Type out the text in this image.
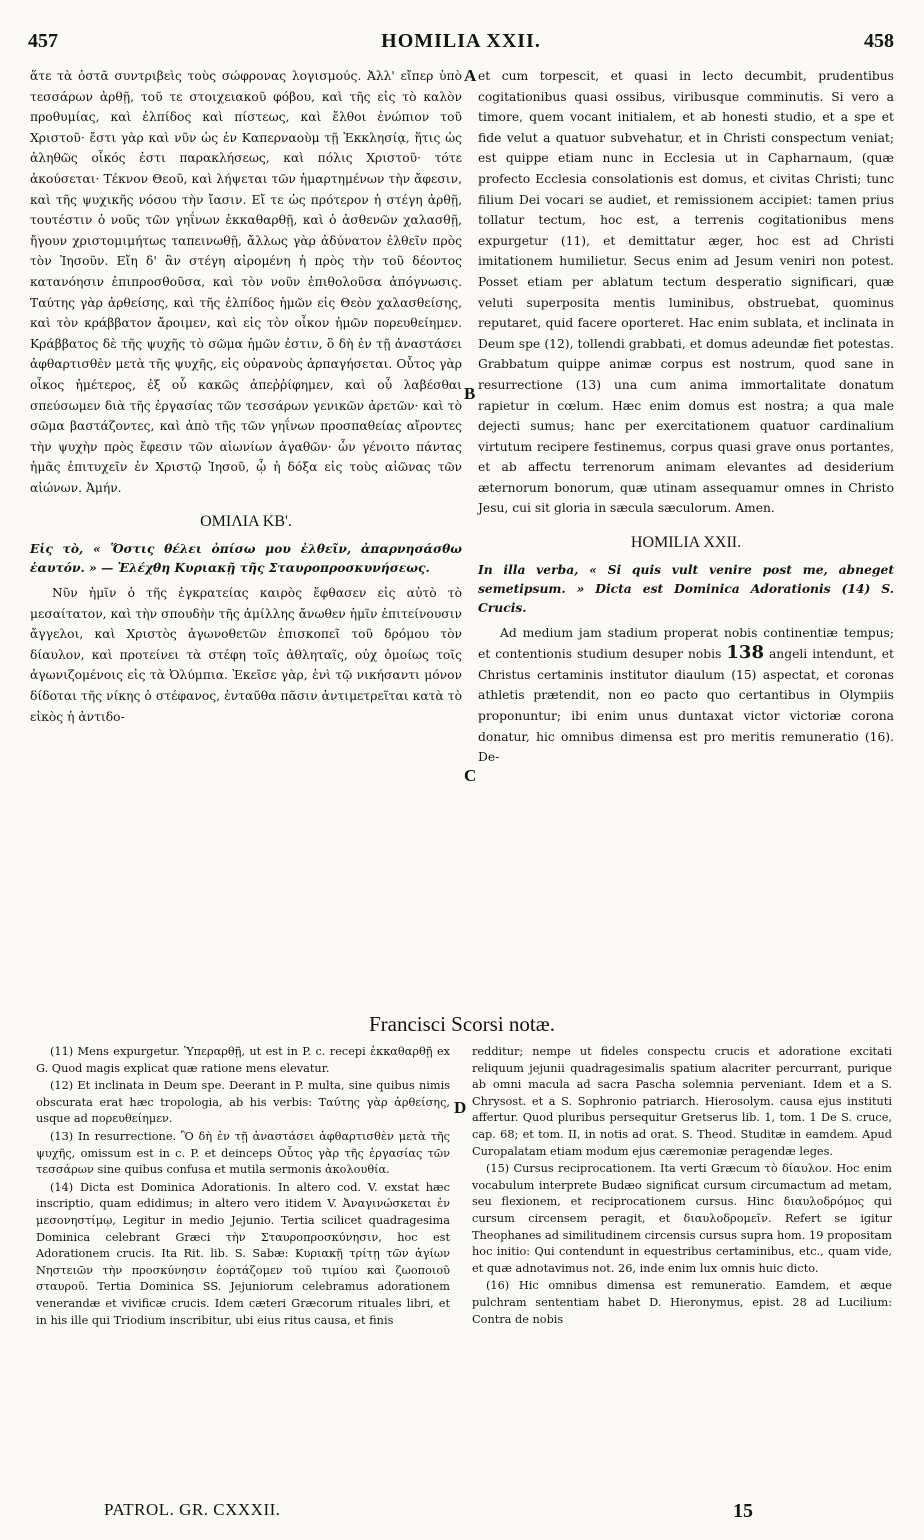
457	HOMILIA XXII.	458

ἅτε τὰ ὀστᾶ συντριβεὶς τοὺς σώφρονας λογισμούς. Ἀλλ' εἴπερ ὑπὸ τεσσάρων ἀρθῇ, τοῦ τε στοιχειακοῦ φόβου, καὶ τῆς εἰς τὸ καλὸν προθυμίας, καὶ ἐλπίδος καὶ πίστεως, καὶ ἔλθοι ἐνώπιον τοῦ Χριστοῦ· ἔστι γὰρ καὶ νῦν ὡς ἐν Καπερναοὺμ τῇ Ἐκκλησίᾳ, ἥτις ὡς ἀληθῶς οἶκός ἐστι παρακλήσεως, καὶ πόλις Χριστοῦ· τότε ἀκούσεται· Τέκνον Θεοῦ, καὶ λήψεται τῶν ἡμαρτημένων τὴν ἄφεσιν, καὶ τῆς ψυχικῆς νόσου τὴν ἴασιν. Εἴ τε ὡς πρότερον ἡ στέγη ἀρθῇ, τουτέστιν ὁ νοῦς τῶν γηΐνων ἐκκαθαρθῇ, καὶ ὁ ἀσθενῶν χαλασθῇ, ἤγουν χριστομιμήτως ταπεινωθῇ, ἄλλως γὰρ ἀδύνατον ἐλθεῖν πρὸς τὸν Ἰησοῦν. Εἴη δ' ἂν στέγη αἰρομένη ἡ πρὸς τὴν τοῦ δέοντος κατανόησιν ἐπιπροσθοῦσα, καὶ τὸν νοῦν ἐπιθολοῦσα ἀπόγνωσις. Ταύτης γὰρ ἀρθείσης, καὶ τῆς ἐλπίδος ἡμῶν εἰς Θεὸν χαλασθείσης, καὶ τὸν κράββατον ἄροιμεν, καὶ εἰς τὸν οἶκον ἡμῶν πορευθείημεν. Κράββατος δὲ τῆς ψυχῆς τὸ σῶμα ἡμῶν ἐστιν, ὃ δὴ ἐν τῇ ἀναστάσει ἀφθαρτισθὲν μετὰ τῆς ψυχῆς, εἰς οὐρανοὺς ἁρπαγήσεται. Οὗτος γὰρ οἶκος ἡμέτερος, ἐξ οὗ κακῶς ἀπεῤῥίφημεν, καὶ οὗ λαβέσθαι σπεύσωμεν διὰ τῆς ἐργασίας τῶν τεσσάρων γενικῶν ἀρετῶν· καὶ τὸ σῶμα βαστάζοντες, καὶ ἀπὸ τῆς τῶν γηΐνων προσπαθείας αἴροντες τὴν ψυχὴν πρὸς ἔφεσιν τῶν αἰωνίων ἀγαθῶν· ὧν γένοιτο πάντας ἡμᾶς ἐπιτυχεῖν ἐν Χριστῷ Ἰησοῦ, ᾧ ἡ δόξα εἰς τοὺς αἰῶνας τῶν αἰώνων. Ἀμήν.

ΟΜΙΛΙΑ ΚΒ'.

Εἰς τὸ, « Ὅστις θέλει ὀπίσω μου ἐλθεῖν, ἀπαρνησάσθω ἑαυτόν. » — Ἐλέχθη Κυριακῇ τῆς Σταυροπροσκυνήσεως.

Νῦν ἡμῖν ὁ τῆς ἐγκρατείας καιρὸς ἔφθασεν εἰς αὐτὸ τὸ μεσαίτατον, καὶ τὴν σπουδὴν τῆς ἁμίλλης ἄνωθεν ἡμῖν ἐπιτείνουσιν ἄγγελοι, καὶ Χριστὸς ἀγωνοθετῶν ἐπισκοπεῖ τοῦ δρόμου τὸν δίαυλον, καὶ προτείνει τὰ στέφη τοῖς ἀθληταῖς, οὐχ ὁμοίως τοῖς ἀγωνιζομένοις εἰς τὰ Ὀλύμπια. Ἐκεῖσε γὰρ, ἑνὶ τῷ νικήσαντι μόνον δίδοται τῆς νίκης ὁ στέφανος, ἐνταῦθα πᾶσιν ἀντιμετρεῖται κατὰ τὸ εἰκὸς ἡ ἀντιδο-

et cum torpescit, et quasi in lecto decumbit, prudentibus cogitationibus quasi ossibus, viribusque comminutis. Si vero a timore, quem vocant initialem, et ab honesti studio, et a spe et fide velut a quatuor subvehatur, et in Christi conspectum veniat; est quippe etiam nunc in Ecclesia ut in Capharnaum, (quæ profecto Ecclesia consolationis est domus, et civitas Christi; tunc filium Dei vocari se audiet, et remissionem accipiet: tamen prius tollatur tectum, hoc est, a terrenis cogitationibus mens expurgetur (11), et demittatur æger, hoc est ad Christi imitationem humilietur. Secus enim ad Jesum veniri non potest. Posset etiam per ablatum tectum desperatio significari, quæ veluti superposita mentis luminibus, obstruebat, quominus reputaret, quid facere oporteret. Hac enim sublata, et inclinata in Deum spe (12), tollendi grabbati, et domus adeundæ fiet potestas. Grabbatum quippe animæ corpus est nostrum, quod sane in resurrectione (13) una cum anima immortalitate donatum rapietur in cœlum. Hæc enim domus est nostra; a qua male dejecti sumus; hanc per exercitationem quatuor cardinalium virtutum recipere festinemus, corpus quasi grave onus portantes, et ab affectu terrenorum animam elevantes ad desiderium æternorum bonorum, quæ utinam assequamur omnes in Christo Jesu, cui sit gloria in sæcula sæculorum. Amen.

HOMILIA XXII.

In illa verba, « Si quis vult venire post me, abneget semetipsum. » Dicta est Dominica Adorationis (14) S. Crucis.

Ad medium jam stadium properat nobis continentiæ tempus; et contentionis studium desuper nobis 138 angeli intendunt, et Christus certaminis institutor diaulum (15) aspectat, et coronas athletis prætendit, non eo pacto quo certantibus in Olympiis proponuntur; ibi enim unus duntaxat victor victoriæ corona donatur, hic omnibus dimensa est pro meritis remuneratio (16). De-

A
B
C
D
Francisci Scorsi notæ.

(11) Mens expurgetur. Ὑπεραρθῇ, ut est in P. c. recepi ἐκκαθαρθῇ ex G. Quod magis explicat quæ ratione mens elevatur.

(12) Et inclinata in Deum spe. Deerant in P. multa, sine quibus nimis obscurata erat hæc tropologia, ab his verbis: Ταύτης γὰρ ἀρθείσης, usque ad πορευθείημεν.

(13) In resurrectione. Ὃ δὴ ἐν τῇ ἀναστάσει ἀφθαρτισθὲν μετὰ τῆς ψυχῆς, omissum est in c. P. et deinceps Οὗτος γὰρ τῆς ἐργασίας τῶν τεσσάρων sine quibus confusa et mutila sermonis ἀκολουθία.

(14) Dicta est Dominica Adorationis. In altero cod. V. exstat hæc inscriptio, quam edidimus; in altero vero itidem V. Ἀναγινώσκεται ἐν μεσονηστίμῳ, Legitur in medio Jejunio. Tertia scilicet quadragesima Dominica celebrant Græci τὴν Σταυροπροσκύνησιν, hoc est Adorationem crucis. Ita Rit. lib. S. Sabæ: Κυριακῇ τρίτῃ τῶν ἁγίων Νηστειῶν τὴν προσκύνησιν ἑορτάζομεν τοῦ τιμίου καὶ ζωοποιοῦ σταυροῦ. Tertia Dominica SS. Jejuniorum celebramus adorationem venerandæ et vivificæ crucis. Idem cæteri Græcorum rituales libri, et in his ille qui Triodium inscribitur, ubi eius ritus causa, et finis

redditur; nempe ut fideles conspectu crucis et adoratione excitati reliquum jejunii quadragesimalis spatium alacriter percurrant, purique ab omni macula ad sacra Pascha solemnia perveniant. Idem et a S. Chrysost. et a S. Sophronio patriarch. Hierosolym. causa ejus instituti affertur. Quod pluribus persequitur Gretserus lib. 1, tom. 1 De S. cruce, cap. 68; et tom. II, in notis ad orat. S. Theod. Studitæ in eamdem. Apud Curopalatam etiam modum ejus cæremoniæ peragendæ leges.

(15) Cursus reciprocationem. Ita verti Græcum τὸ δίαυλον. Hoc enim vocabulum interprete Budæo significat cursum circumactum ad metam, seu flexionem, et reciprocationem cursus. Hinc διαυλοδρόμος qui cursum circensem peragit, et διαυλοδρομεῖν. Refert se igitur Theophanes ad similitudinem circensis cursus supra hom. 19 propositam hoc initio: Qui contendunt in equestribus certaminibus, etc., quam vide, et quæ adnotavimus not. 26, inde enim lux omnis huic dicto.

(16) Hic omnibus dimensa est remuneratio. Eamdem, et æque pulchram sententiam habet D. Hieronymus, epist. 28 ad Lucilium: Contra de nobis

PATROL. GR. CXXXII.	15
